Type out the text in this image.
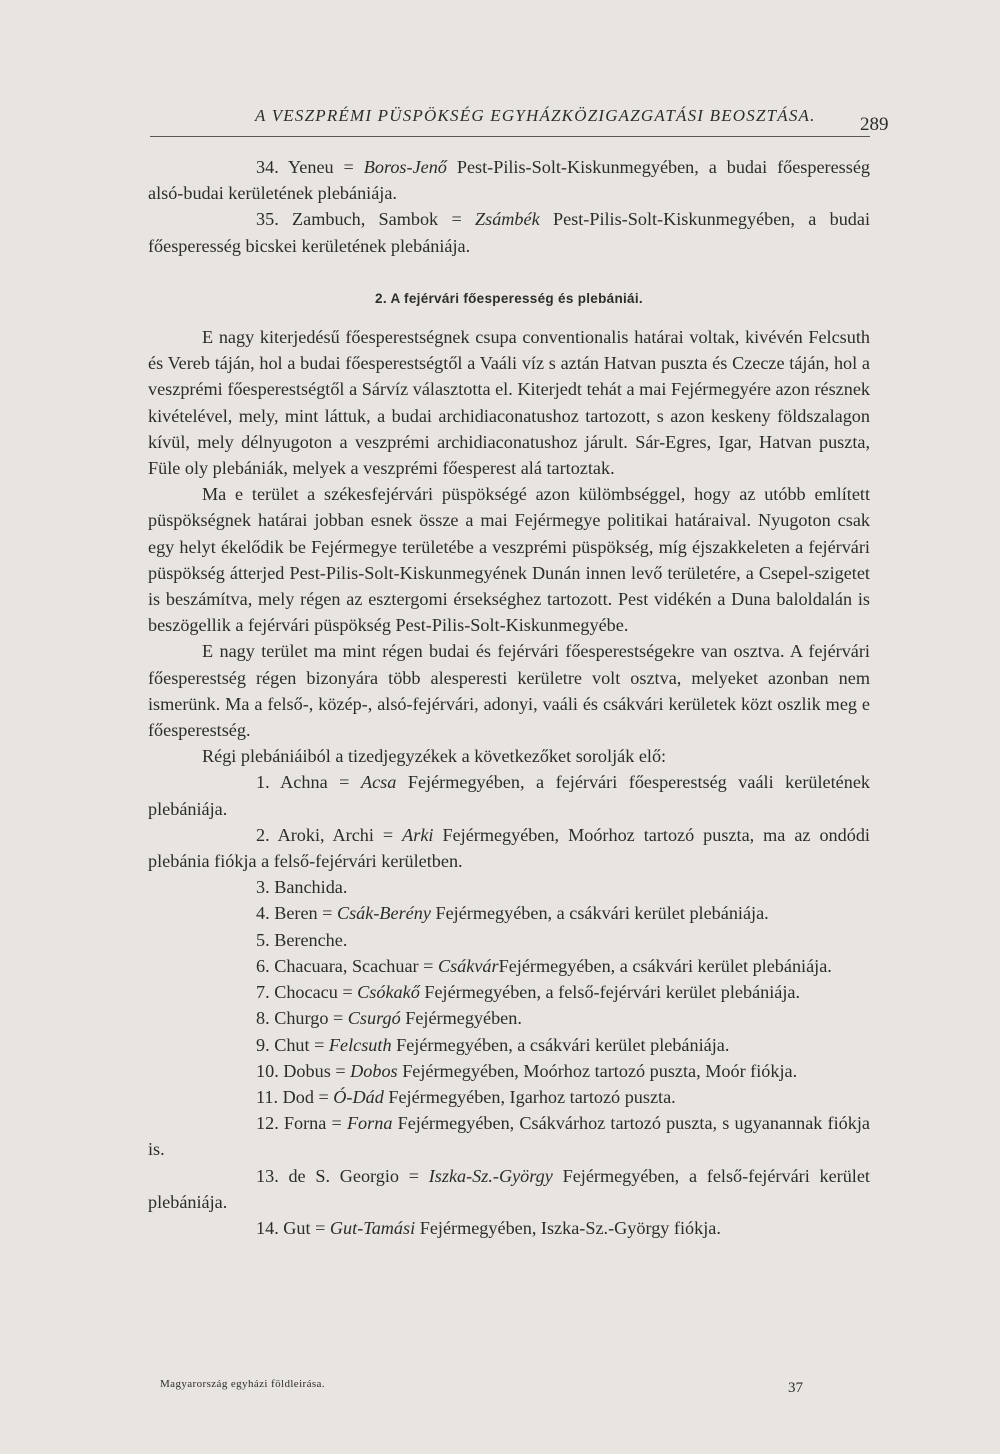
A VESZPRÉMI PÜSPÖKSÉG EGYHÁZKÖZIGAZGATÁSI BEOSZTÁSA. 289

34. Yeneu = Boros-Jenő Pest-Pilis-Solt-Kiskunmegyében, a budai főesperesség alsó-budai kerületének plebániája.

35. Zambuch, Sambok = Zsámbék Pest-Pilis-Solt-Kiskunmegyében, a budai főesperesség bicskei kerületének plebániája.

2. A fejérvári főesperesség és plebániái.

E nagy kiterjedésű főesperestségnek csupa conventionalis határai voltak, kivévén Felcsuth és Vereb táján, hol a budai főesperestségtől a Vaáli víz s aztán Hatvan puszta és Czecze táján, hol a veszprémi főesperestségtől a Sárvíz választotta el. Kiterjedt tehát a mai Fejérmegyére azon résznek kivételével, mely, mint láttuk, a budai archidiaconatushoz tartozott, s azon keskeny földszalagon kívül, mely délnyugoton a veszprémi archidiaconatushoz járult. Sár-Egres, Igar, Hatvan puszta, Füle oly plebániák, melyek a veszprémi főesperest alá tartoztak.

Ma e terület a székesfejérvári püspökségé azon külömbséggel, hogy az utóbb említett püspökségnek határai jobban esnek össze a mai Fejérmegye politikai határaival. Nyugoton csak egy helyt ékelődik be Fejérmegye területébe a veszprémi püspökség, míg éjszakkeleten a fejérvári püspökség átterjed Pest-Pilis-Solt-Kiskunmegyének Dunán innen levő területére, a Csepel-szigetet is beszámítva, mely régen az esztergomi érsekséghez tartozott. Pest vidékén a Duna baloldalán is beszögellik a fejérvári püspökség Pest-Pilis-Solt-Kiskunmegyébe.

E nagy terület ma mint régen budai és fejérvári főesperestségekre van osztva. A fejérvári főesperestség régen bizonyára több alesperesti kerületre volt osztva, melyeket azonban nem ismerünk. Ma a felső-, közép-, alsó-fejérvári, adonyi, vaáli és csákvári kerületek közt oszlik meg e főesperestség.

Régi plebániáiból a tizedjegyzékek a következőket sorolják elő:

1. Achna = Acsa Fejérmegyében, a fejérvári főesperestség vaáli kerületének plebániája.

2. Aroki, Archi = Arki Fejérmegyében, Moórhoz tartozó puszta, ma az ondódi plebánia fiókja a felső-fejérvári kerületben.

3. Banchida.

4. Beren = Csák-Berény Fejérmegyében, a csákvári kerület plebániája.

5. Berenche.

6. Chacuara, Scachuar = CsákvárFejérmegyében, a csákvári kerület plebániája.

7. Chocacu = Csókakő Fejérmegyében, a felső-fejérvári kerület plebániája.

8. Churgo = Csurgó Fejérmegyében.

9. Chut = Felcsuth Fejérmegyében, a csákvári kerület plebániája.

10. Dobus = Dobos Fejérmegyében, Moórhoz tartozó puszta, Moór fiókja.

11. Dod = Ó-Dád Fejérmegyében, Igarhoz tartozó puszta.

12. Forna = Forna Fejérmegyében, Csákvárhoz tartozó puszta, s ugyanannak fiókja is.

13. de S. Georgio = Iszka-Sz.-György Fejérmegyében, a felső-fejérvári kerület plebániája.

14. Gut = Gut-Tamási Fejérmegyében, Iszka-Sz.-György fiókja.

Magyarország egyházi földleirása.	37
